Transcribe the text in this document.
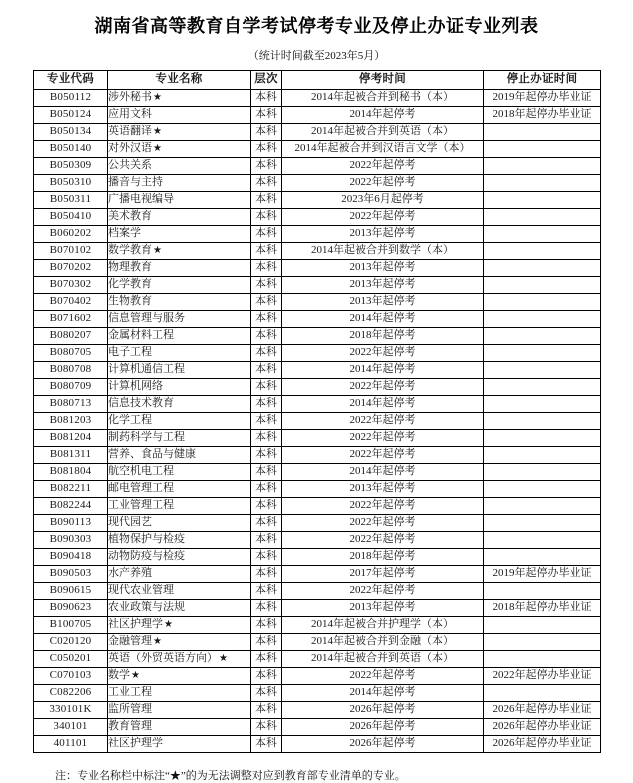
湖南省高等教育自学考试停考专业及停止办证专业列表
（统计时间截至2023年5月）
专业代码	专业名称	层次	停考时间	停止办证时间
B050112	涉外秘书★	本科	2014年起被合并到秘书（本）	2019年起停办毕业证
B050124	应用文科	本科	2014年起停考	2018年起停办毕业证
B050134	英语翻译★	本科	2014年起被合并到英语（本）	
B050140	对外汉语★	本科	2014年起被合并到汉语言文学（本）	
B050309	公共关系	本科	2022年起停考	
B050310	播音与主持	本科	2022年起停考	
B050311	广播电视编导	本科	2023年6月起停考	
B050410	美术教育	本科	2022年起停考	
B060202	档案学	本科	2013年起停考	
B070102	数学教育★	本科	2014年起被合并到数学（本）	
B070202	物理教育	本科	2013年起停考	
B070302	化学教育	本科	2013年起停考	
B070402	生物教育	本科	2013年起停考	
B071602	信息管理与服务	本科	2014年起停考	
B080207	金属材料工程	本科	2018年起停考	
B080705	电子工程	本科	2022年起停考	
B080708	计算机通信工程	本科	2014年起停考	
B080709	计算机网络	本科	2022年起停考	
B080713	信息技术教育	本科	2014年起停考	
B081203	化学工程	本科	2022年起停考	
B081204	制药科学与工程	本科	2022年起停考	
B081311	营养、食品与健康	本科	2022年起停考	
B081804	航空机电工程	本科	2014年起停考	
B082211	邮电管理工程	本科	2013年起停考	
B082244	工业管理工程	本科	2022年起停考	
B090113	现代园艺	本科	2022年起停考	
B090303	植物保护与检疫	本科	2022年起停考	
B090418	动物防疫与检疫	本科	2018年起停考	
B090503	水产养殖	本科	2017年起停考	2019年起停办毕业证
B090615	现代农业管理	本科	2022年起停考	
B090623	农业政策与法规	本科	2013年起停考	2018年起停办毕业证
B100705	社区护理学★	本科	2014年起被合并护理学（本）	
C020120	金融管理★	本科	2014年起被合并到金融（本）	
C050201	英语（外贸英语方向）★	本科	2014年起被合并到英语（本）	
C070103	数学★	本科	2022年起停考	2022年起停办毕业证
C082206	工业工程	本科	2014年起停考	
330101K	监所管理	本科	2026年起停考	2026年起停办毕业证
340101	教育管理	本科	2026年起停考	2026年起停办毕业证
401101	社区护理学	本科	2026年起停考	2026年起停办毕业证
注：专业名称栏中标注“★”的为无法调整对应到教育部专业清单的专业。
